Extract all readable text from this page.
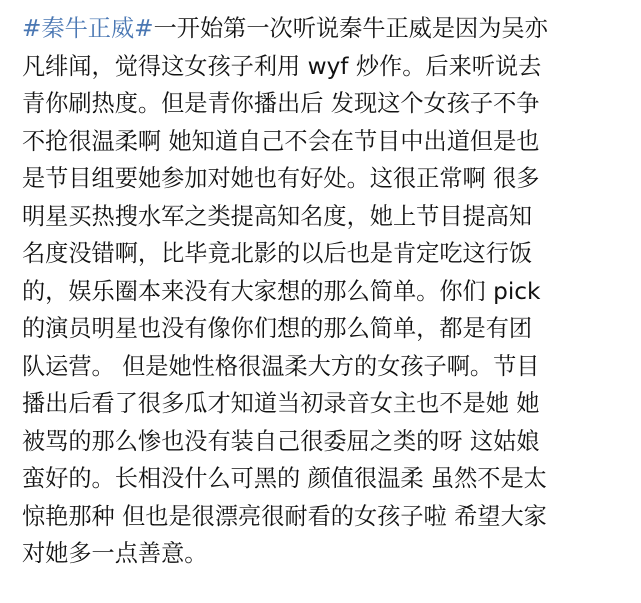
#秦牛正威#一开始第一次听说秦牛正威是因为吴亦
凡绯闻，觉得这女孩子利用 wyf 炒作。后来听说去
青你刷热度。但是青你播出后 发现这个女孩子不争
不抢很温柔啊 她知道自己不会在节目中出道但是也
是节目组要她参加对她也有好处。这很正常啊 很多
明星买热搜水军之类提高知名度，她上节目提高知
名度没错啊，比毕竟北影的以后也是肯定吃这行饭
的，娱乐圈本来没有大家想的那么简单。你们 pick
的演员明星也没有像你们想的那么简单，都是有团
队运营。 但是她性格很温柔大方的女孩子啊。节目
播出后看了很多瓜才知道当初录音女主也不是她 她
被骂的那么惨也没有装自己很委屈之类的呀 这姑娘
蛮好的。长相没什么可黑的 颜值很温柔 虽然不是太
惊艳那种 但也是很漂亮很耐看的女孩子啦 希望大家
对她多一点善意。
